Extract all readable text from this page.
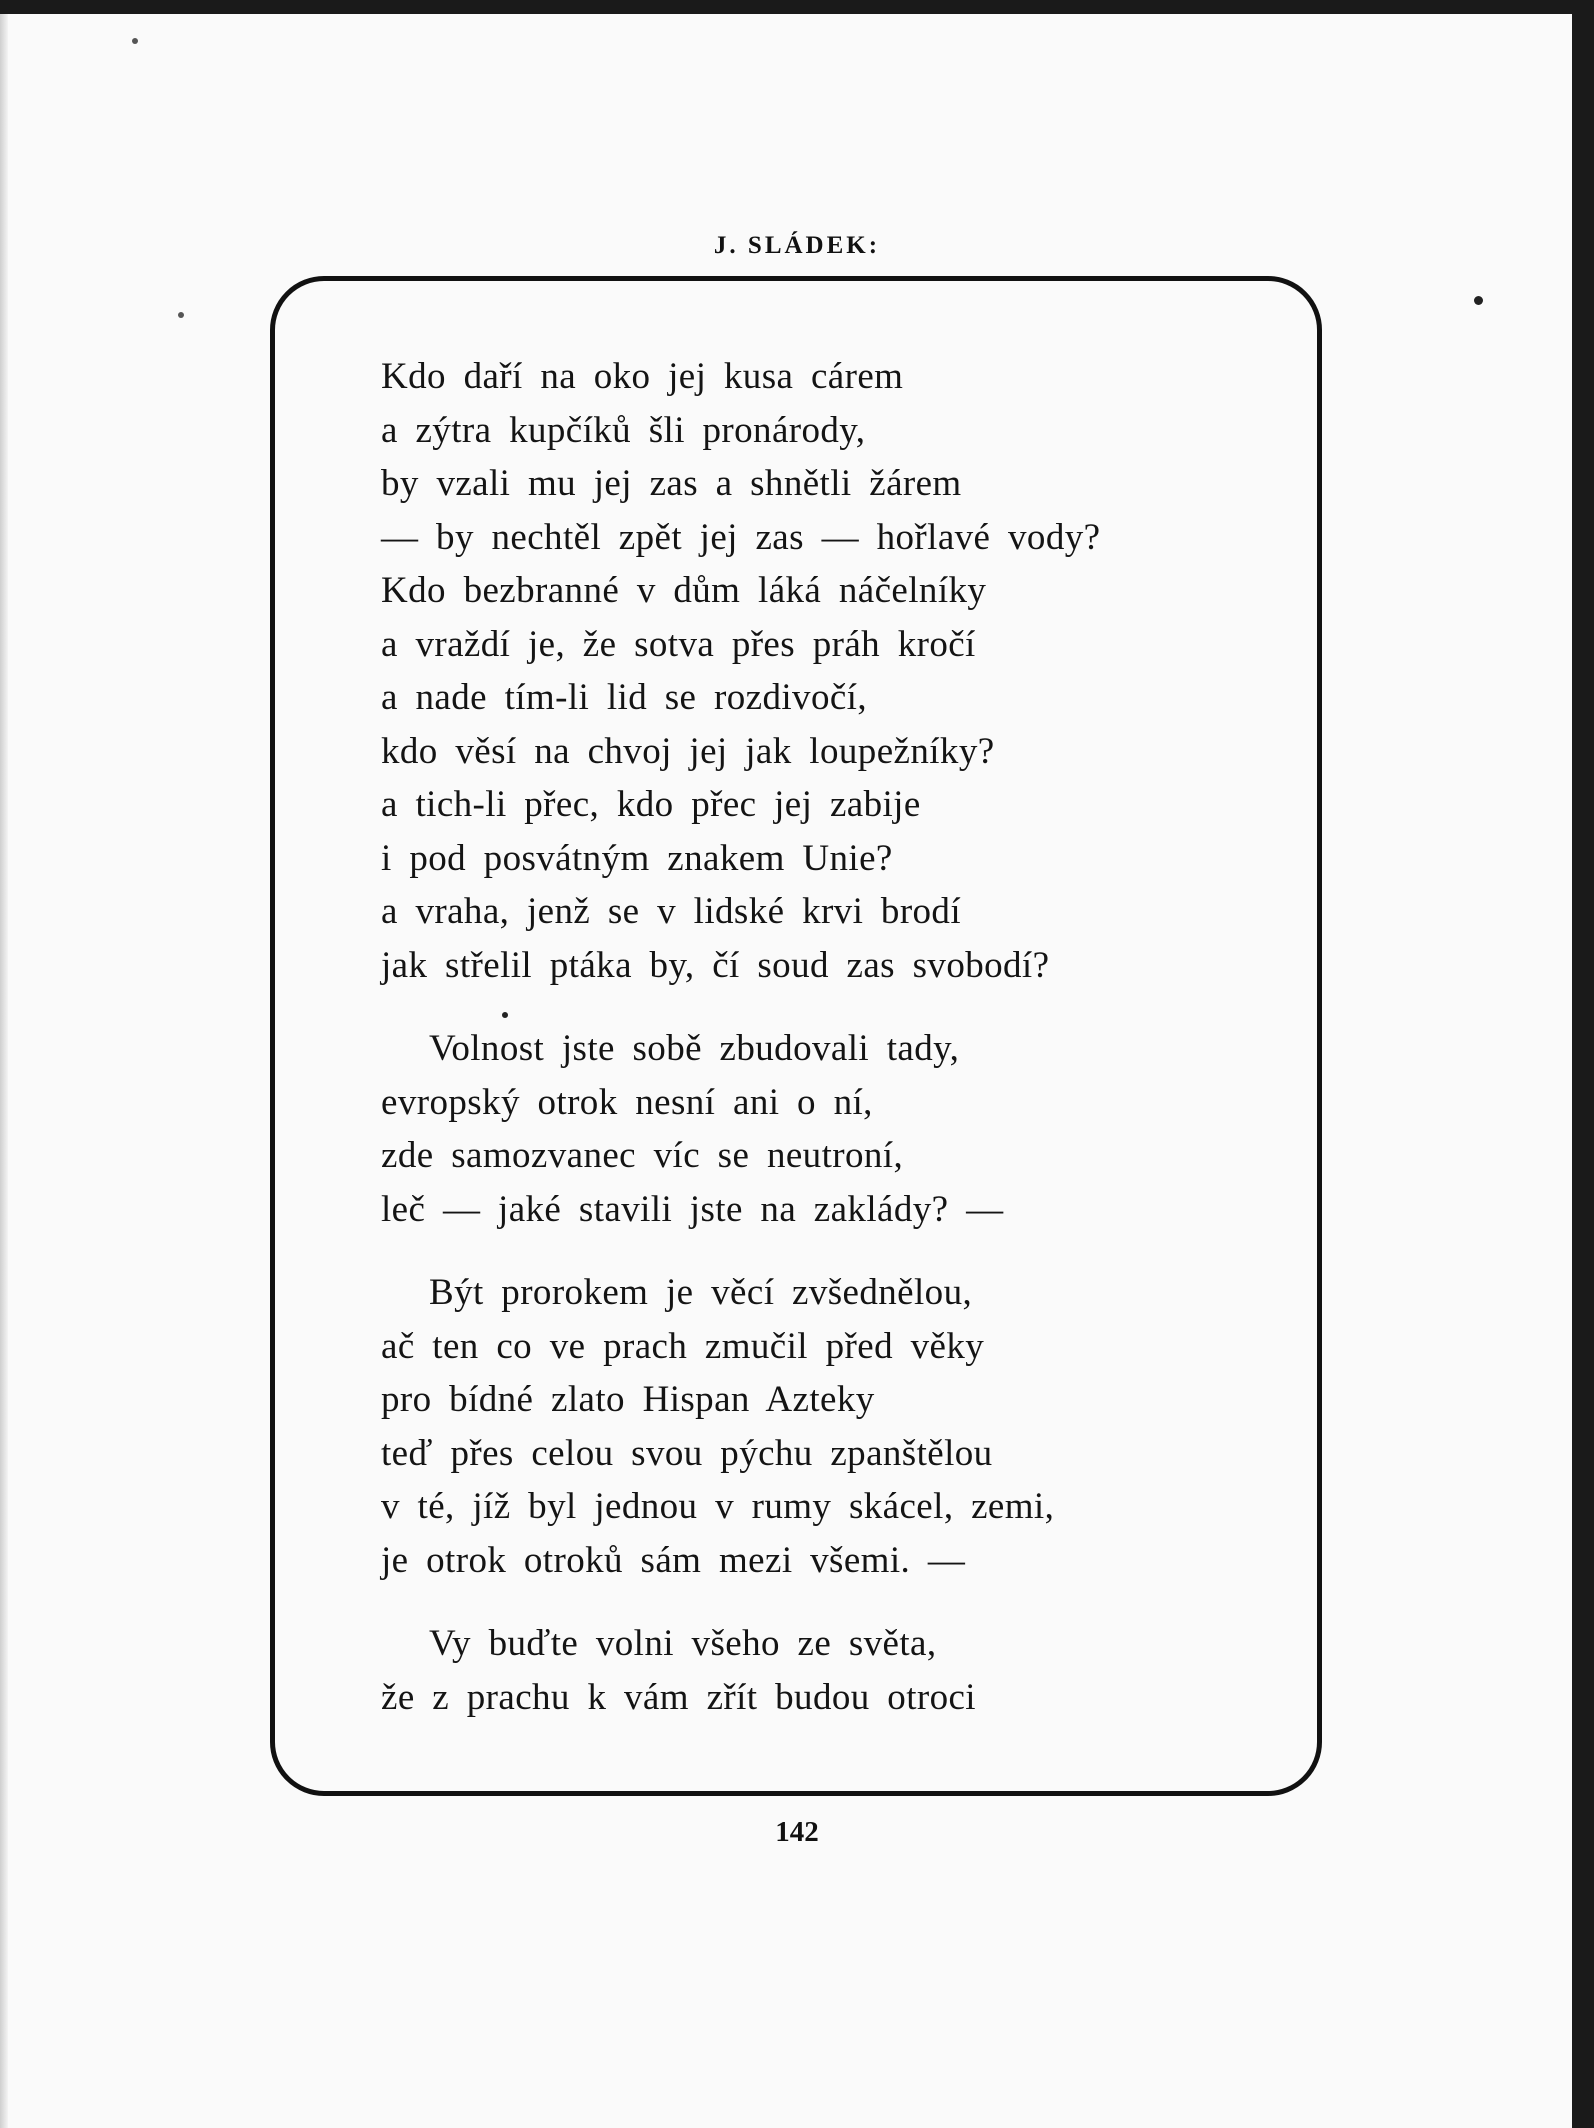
J. SLÁDEK:
Kdo daří na oko jej kusa cárem
a zýtra kupčíků šli pronárody,
by vzali mu jej zas a shnětli žárem
— by nechtěl zpět jej zas — hořlavé vody?
Kdo bezbranné v dům láká náčelníky
a vraždí je, že sotva přes práh kročí
a nade tím-li lid se rozdivočí,
kdo věsí na chvoj jej jak loupežníky?
a tich-li přec, kdo přec jej zabije
i pod posvátným znakem Unie?
a vraha, jenž se v lidské krvi brodí
jak střelil ptáka by, čí soud zas svobodí?
Volnost jste sobě zbudovali tady,
evropský otrok nesní ani o ní,
zde samozvanec víc se neutroní,
leč — jaké stavili jste na zaklády? —
Být prorokem je věcí zvšednělou,
ač ten co ve prach zmučil před věky
pro bídné zlato Hispan Azteky
teď přes celou svou pýchu zpanštělou
v té, jíž byl jednou v rumy skácel, zemi,
je otrok otroků sám mezi všemi. —
Vy buďte volni všeho ze světa,
že z prachu k vám zřít budou otroci
142
